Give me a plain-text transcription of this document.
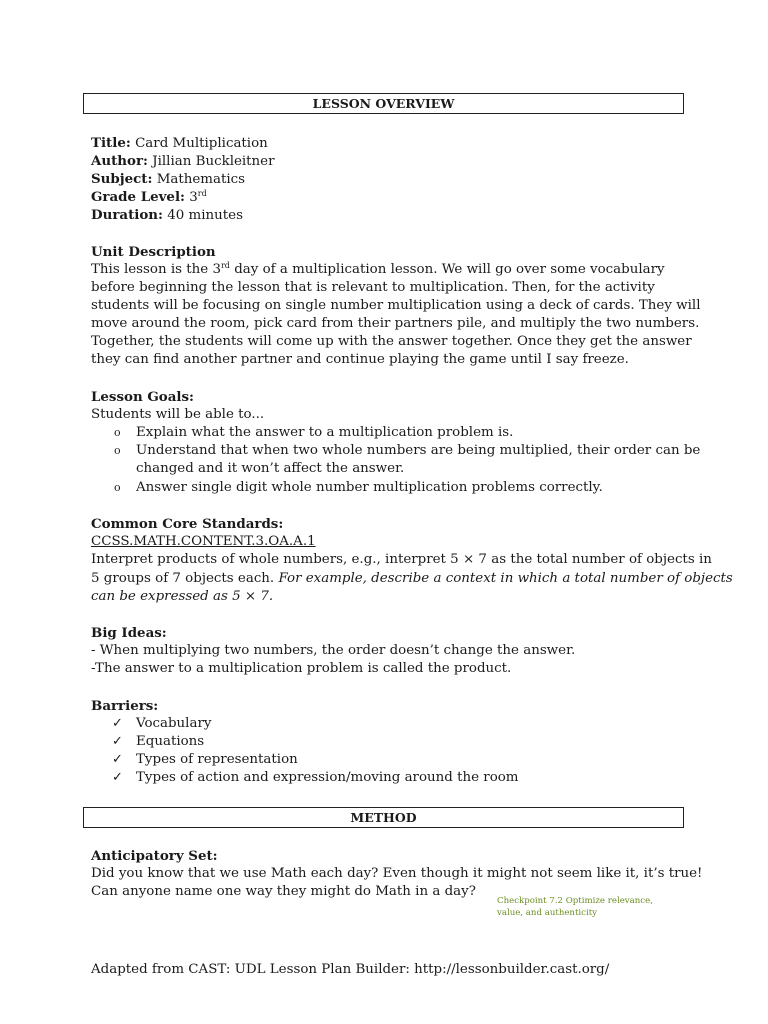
LESSON OVERVIEW
Title: Card Multiplication
Author: Jillian Buckleitner
Subject: Mathematics
Grade Level: 3rd
Duration: 40 minutes
Unit Description
This lesson is the 3rd day of a multiplication lesson. We will go over some vocabulary
before beginning the lesson that is relevant to multiplication. Then, for the activity
students will be focusing on single number multiplication using a deck of cards. They will
move around the room, pick card from their partners pile, and multiply the two numbers.
Together, the students will come up with the answer together. Once they get the answer
they can find another partner and continue playing the game until I say freeze.
Lesson Goals:
Students will be able to...
o Explain what the answer to a multiplication problem is.
o Understand that when two whole numbers are being multiplied, their order can be
changed and it won’t affect the answer.
o Answer single digit whole number multiplication problems correctly.
Common Core Standards:
CCSS.MATH.CONTENT.3.OA.A.1
Interpret products of whole numbers, e.g., interpret 5 × 7 as the total number of objects in
5 groups of 7 objects each. For example, describe a context in which a total number of objects
can be expressed as 5 × 7.
Big Ideas:
- When multiplying two numbers, the order doesn’t change the answer.
-The answer to a multiplication problem is called the product.
Barriers:
✓ Vocabulary
✓ Equations
✓ Types of representation
✓ Types of action and expression/moving around the room
METHOD
Anticipatory Set:
Did you know that we use Math each day? Even though it might not seem like it, it’s true!
Can anyone name one way they might do Math in a day?
Checkpoint 7.2 Optimize relevance,
value, and authenticity
Adapted from CAST: UDL Lesson Plan Builder: http://lessonbuilder.cast.org/
